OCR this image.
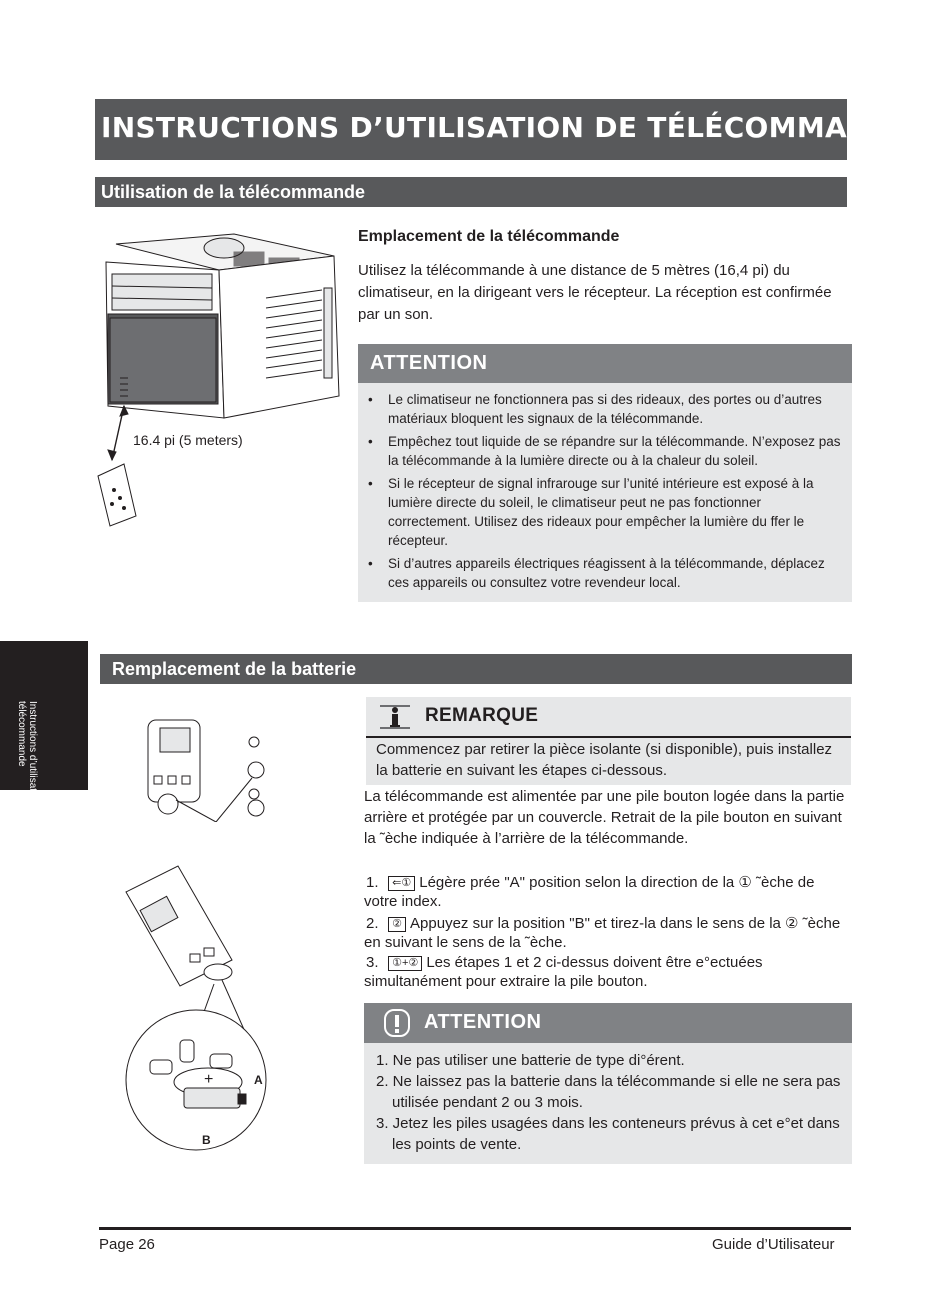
INSTRUCTIONS D’UTILISATION DE TÉLÉCOMMANDE
Utilisation de la télécommande
16.4 pi (5 meters)
Emplacement de la télécommande
Utilisez la télécommande à une distance de 5 mètres (16,4 pi) du climatiseur, en la dirigeant vers le récepteur. La réception est confirmée par un son.
ATTENTION
• Le climatiseur ne fonctionnera pas si des rideaux, des portes ou d’autres matériaux bloquent les signaux de la télécommande.
• Empêchez tout liquide de se répandre sur la télécommande. N’exposez pas la télécommande à la lumière directe ou à la chaleur du soleil.
• Si le récepteur de signal infrarouge sur l’unité intérieure est exposé à la lumière directe du soleil, le climatiseur peut ne pas fonctionner correctement. Utilisez des rideaux pour empêcher la lumière du ffer le récepteur.
• Si d’autres appareils électriques réagissent à la télécommande, déplacez ces appareils ou consultez votre revendeur local.
Instructions d’utilisation de la télécommande
Remplacement de la batterie
+	A
B
REMARQUE
Commencez par retirer la pièce isolante (si disponible), puis installez la batterie en suivant les étapes ci-dessous.
La télécommande est alimentée par une pile bouton logée dans la partie arrière et protégée par un couvercle. Retrait de la pile bouton en suivant la ˜èche indiquée à l’arrière de la télécommande.
1. ⇐① Légère prée "A" position selon la direction de la ① ˜èche de votre index.
2. ② Appuyez sur la position "B" et tirez-la dans le sens de la ② ˜èche en suivant le sens de la ˜èche.
3. ①+② Les étapes 1 et 2 ci-dessus doivent être e°ectuées simultanément pour extraire la pile bouton.
ATTENTION
1. Ne pas utiliser une batterie de type di°érent.
2. Ne laissez pas la batterie dans la télécommande si elle ne sera pas utilisée pendant 2 ou 3 mois.
3. Jetez les piles usagées dans les conteneurs prévus à cet e°et dans les points de vente.
Page 26	Guide d’Utilisateur
